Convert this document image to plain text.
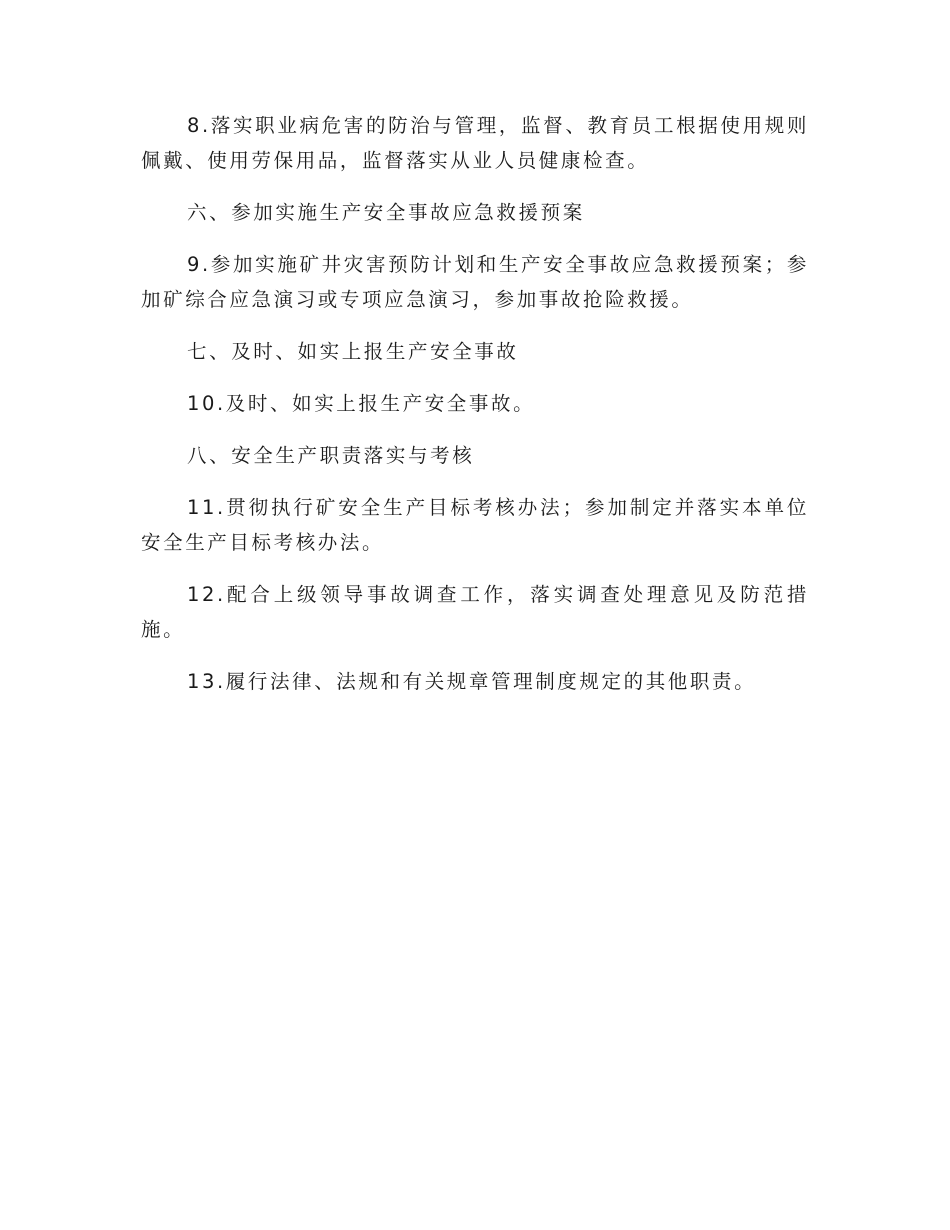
8.落实职业病危害的防治与管理，监督、教育员工根据使用规则佩戴、使用劳保用品，监督落实从业人员健康检查。

六、参加实施生产安全事故应急救援预案

9.参加实施矿井灾害预防计划和生产安全事故应急救援预案；参加矿综合应急演习或专项应急演习，参加事故抢险救援。

七、及时、如实上报生产安全事故

10.及时、如实上报生产安全事故。

八、安全生产职责落实与考核

11.贯彻执行矿安全生产目标考核办法；参加制定并落实本单位安全生产目标考核办法。

12.配合上级领导事故调查工作，落实调查处理意见及防范措施。

13.履行法律、法规和有关规章管理制度规定的其他职责。
